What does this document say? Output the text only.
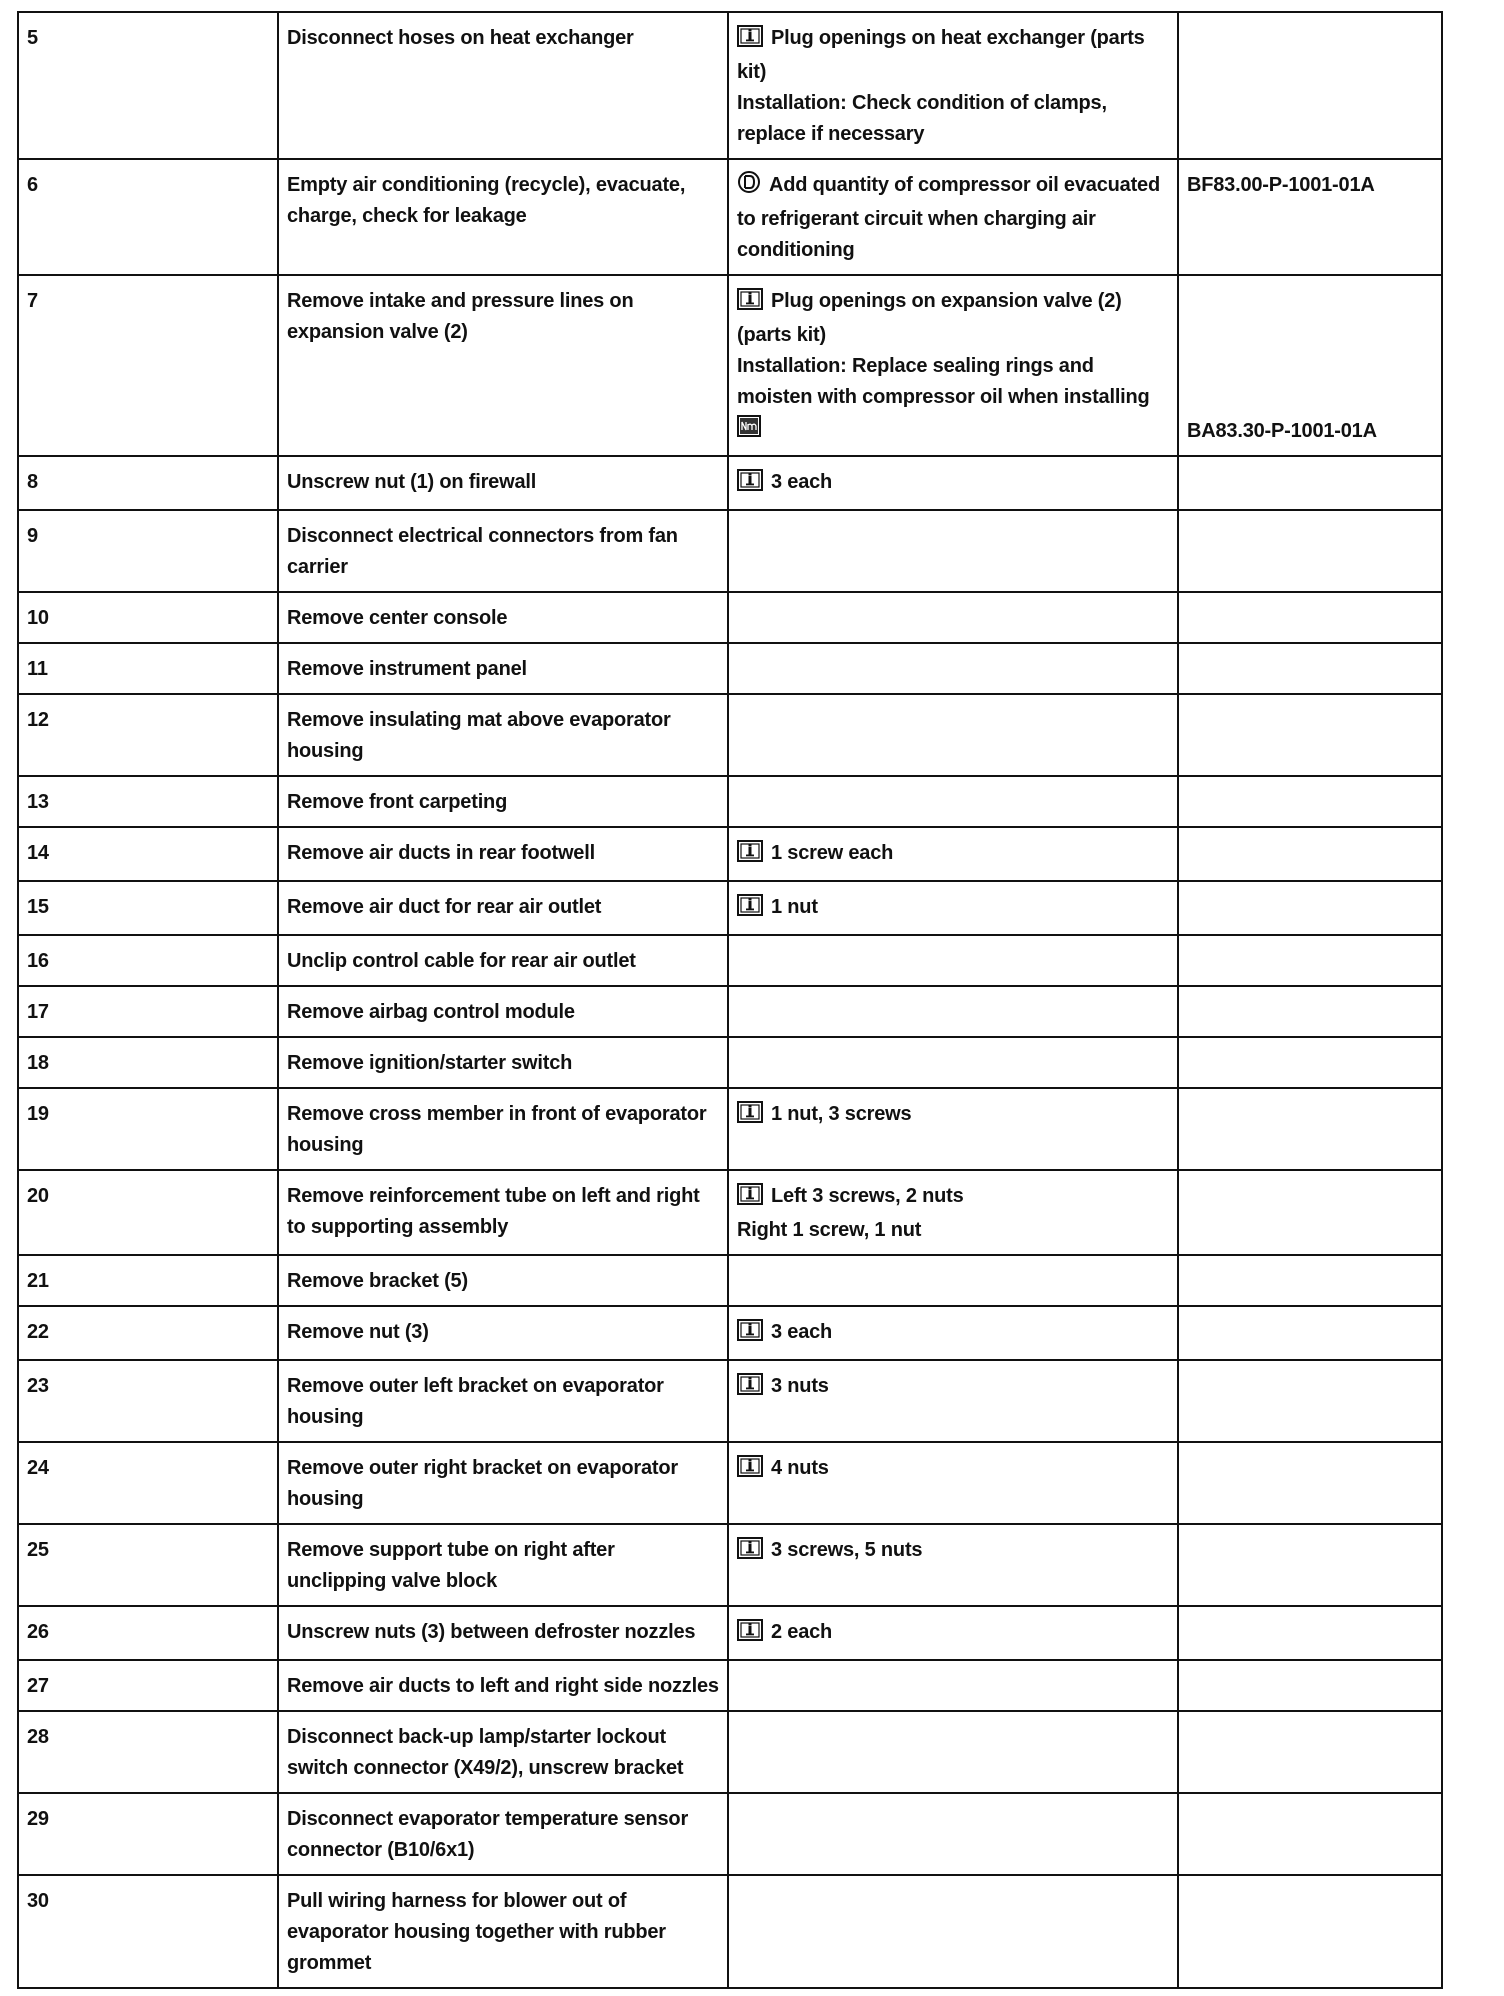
5	Disconnect hoses on heat exchanger	Plug openings on heat exchanger (parts kit)
Installation: Check condition of clamps, replace if necessary	

6	Empty air conditioning (recycle), evacuate, charge, check for leakage	Add quantity of compressor oil evacuated to refrigerant circuit when charging air conditioning	BF83.00-P-1001-01A
7	Remove intake and pressure lines on expansion valve (2)	Plug openings on expansion valve (2) (parts kit)
Installation: Replace sealing rings and moisten with compressor oil when installing	BA83.30-P-1001-01A

8	Unscrew nut (1) on firewall	3 each	

9	Disconnect electrical connectors from fan carrier		
10	Remove center console		
11	Remove instrument panel		
12	Remove insulating mat above evaporator housing		
13	Remove front carpeting		
14	Remove air ducts in rear footwell	1 screw each	

15	Remove air duct for rear air outlet	1 nut	

16	Unclip control cable for rear air outlet		
17	Remove airbag control module		
18	Remove ignition/starter switch		
19	Remove cross member in front of evaporator housing	1 nut, 3 screws	

20	Remove reinforcement tube on left and right to supporting assembly	Left 3 screws, 2 nuts
Right 1 screw, 1 nut	

21	Remove bracket (5)		
22	Remove nut (3)	3 each	

23	Remove outer left bracket on evaporator housing	3 nuts	

24	Remove outer right bracket on evaporator housing	4 nuts	

25	Remove support tube on right after unclipping valve block	3 screws, 5 nuts	

26	Unscrew nuts (3) between defroster nozzles	2 each	

27	Remove air ducts to left and right side nozzles		
28	Disconnect back-up lamp/starter lockout switch connector (X49/2), unscrew bracket		
29	Disconnect evaporator temperature sensor connector (B10/6x1)		
30	Pull wiring harness for blower out of evaporator housing together with rubber grommet		
